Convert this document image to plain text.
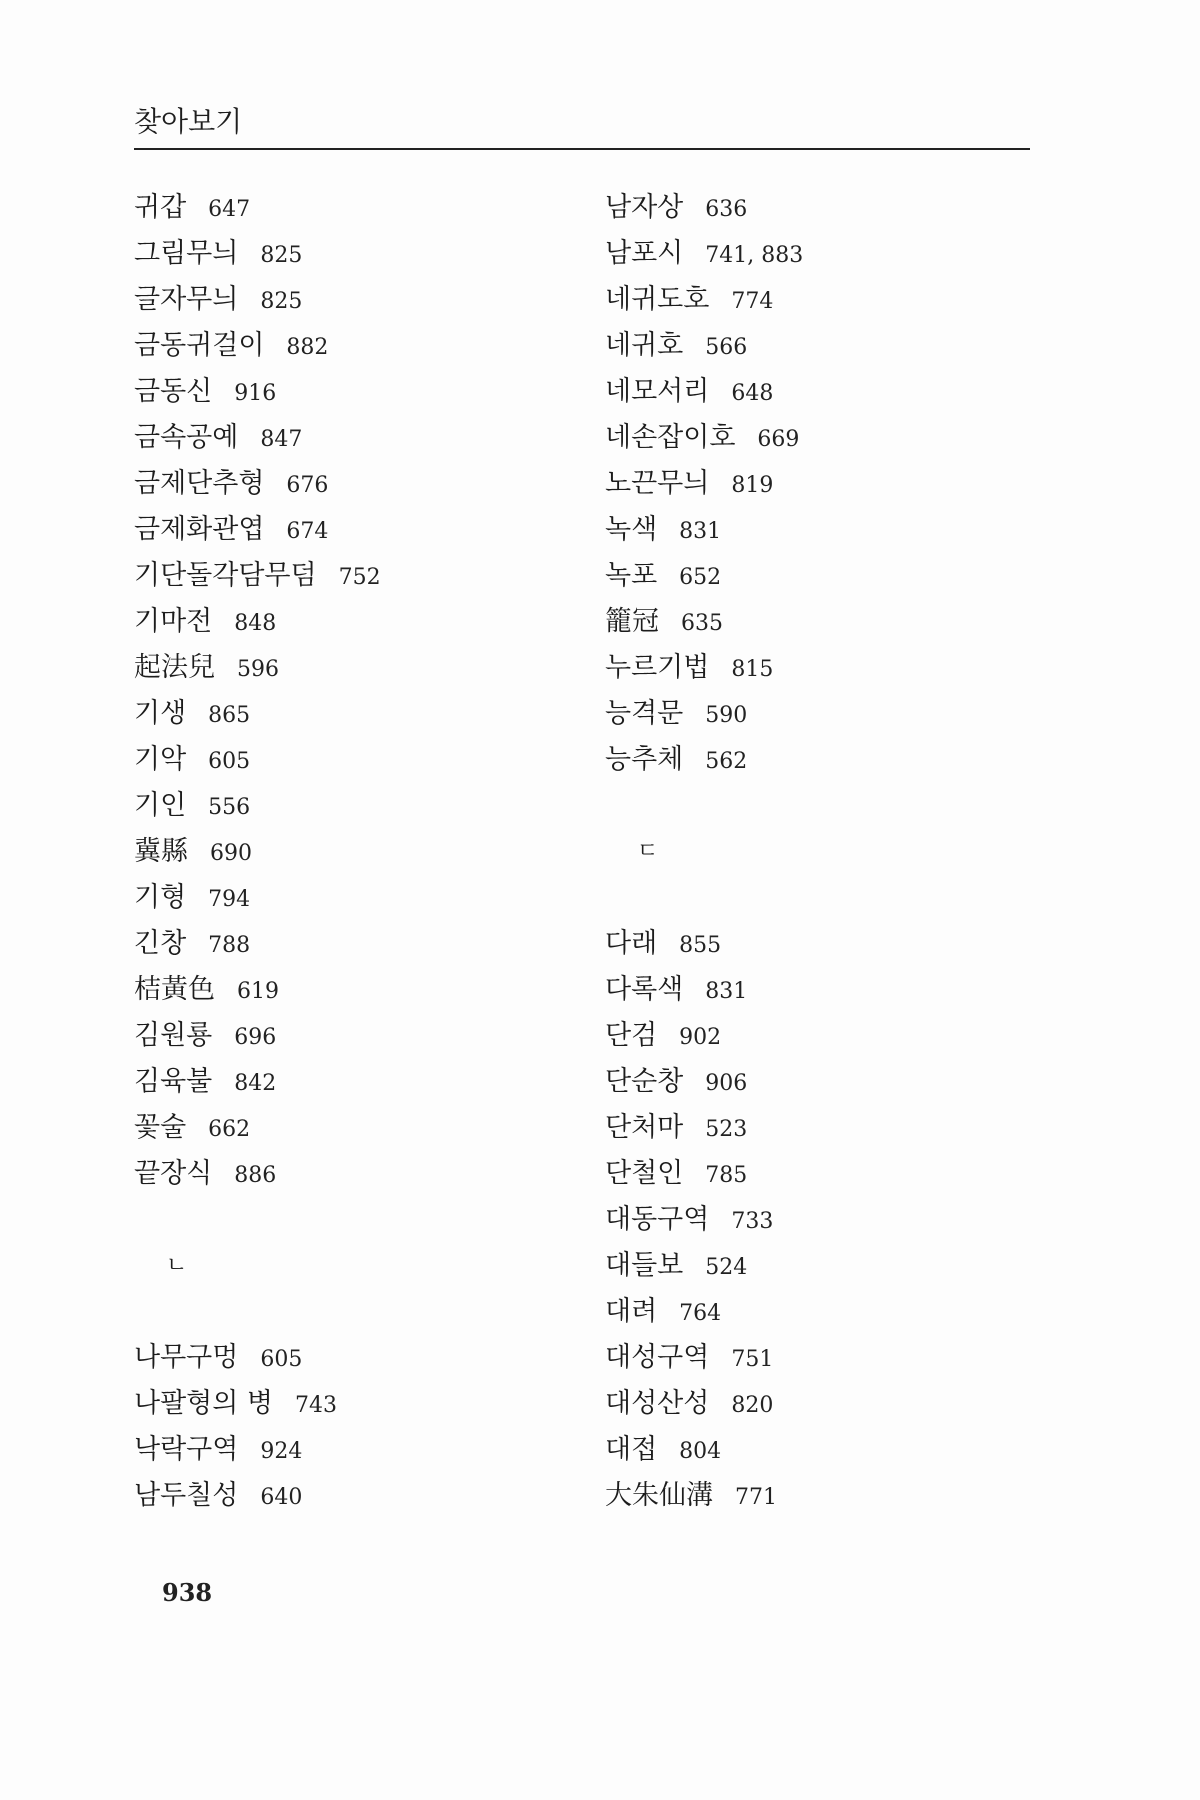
찾아보기
귀갑 647
그림무늬 825
글자무늬 825
금동귀걸이 882
금동신 916
금속공예 847
금제단추형 676
금제화관엽 674
기단돌각담무덤 752
기마전 848
起法兒 596
기생 865
기악 605
기인 556
冀縣 690
기형 794
긴창 788
桔黃色 619
김원룡 696
김육불 842
꽃술 662
끝장식 886
ㄴ
나무구멍 605
나팔형의 병 743
낙락구역 924
남두칠성 640
남자상 636
남포시 741, 883
네귀도호 774
네귀호 566
네모서리 648
네손잡이호 669
노끈무늬 819
녹색 831
녹포 652
籠冠 635
누르기법 815
능격문 590
능추체 562
ㄷ
다래 855
다록색 831
단검 902
단순창 906
단처마 523
단철인 785
대동구역 733
대들보 524
대려 764
대성구역 751
대성산성 820
대접 804
大朱仙溝 771
938
